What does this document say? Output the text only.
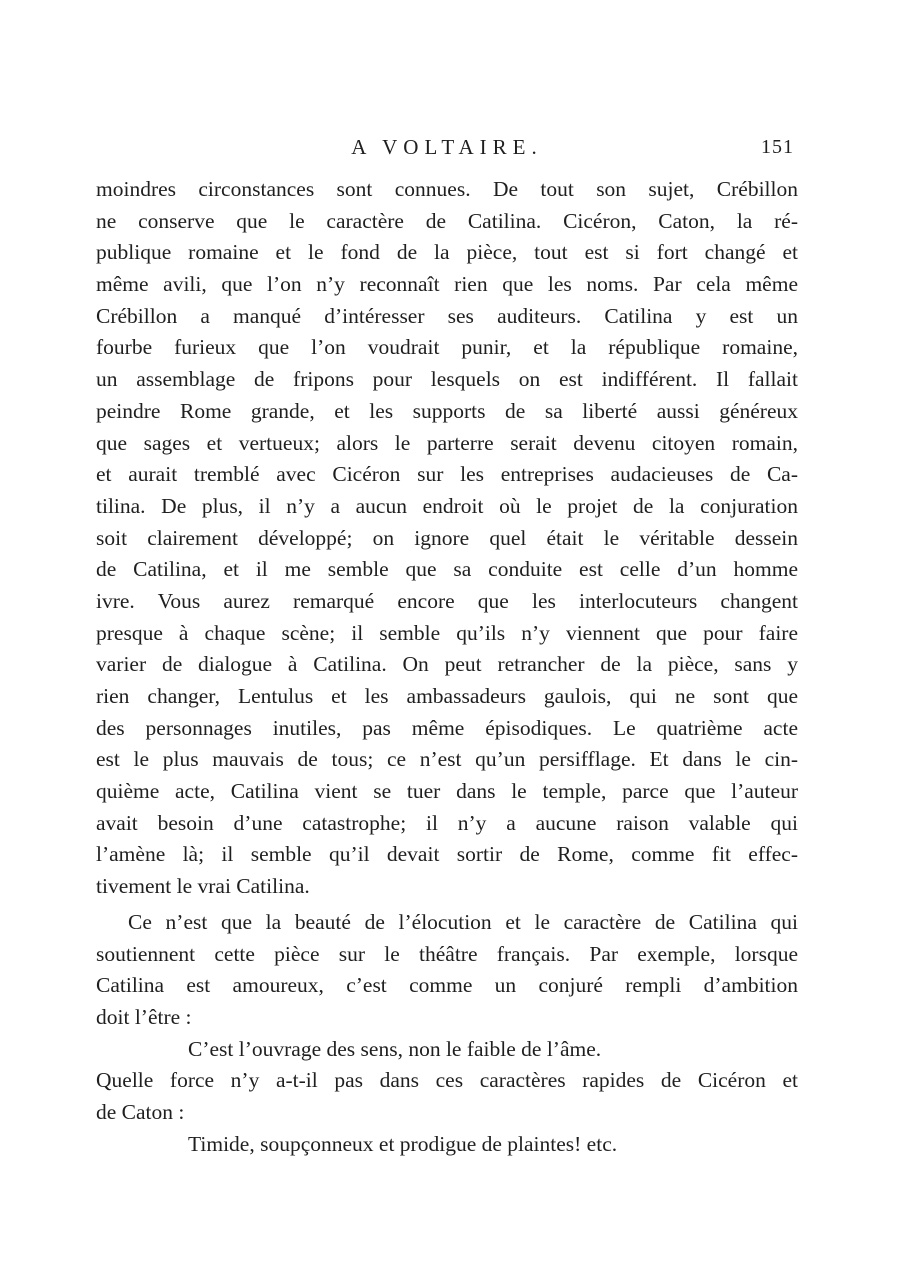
A VOLTAIRE.	151
moindres circonstances sont connues. De tout son sujet, Crébillon
ne conserve que le caractère de Catilina. Cicéron, Caton, la ré-
publique romaine et le fond de la pièce, tout est si fort changé et
même avili, que l’on n’y reconnaît rien que les noms. Par cela même
Crébillon a manqué d’intéresser ses auditeurs. Catilina y est un
fourbe furieux que l’on voudrait punir, et la république romaine,
un assemblage de fripons pour lesquels on est indifférent. Il fallait
peindre Rome grande, et les supports de sa liberté aussi généreux
que sages et vertueux; alors le parterre serait devenu citoyen romain,
et aurait tremblé avec Cicéron sur les entreprises audacieuses de Ca-
tilina. De plus, il n’y a aucun endroit où le projet de la conjuration
soit clairement développé; on ignore quel était le véritable dessein
de Catilina, et il me semble que sa conduite est celle d’un homme
ivre. Vous aurez remarqué encore que les interlocuteurs changent
presque à chaque scène; il semble qu’ils n’y viennent que pour faire
varier de dialogue à Catilina. On peut retrancher de la pièce, sans y
rien changer, Lentulus et les ambassadeurs gaulois, qui ne sont que
des personnages inutiles, pas même épisodiques. Le quatrième acte
est le plus mauvais de tous; ce n’est qu’un persifflage. Et dans le cin-
quième acte, Catilina vient se tuer dans le temple, parce que l’auteur
avait besoin d’une catastrophe; il n’y a aucune raison valable qui
l’amène là; il semble qu’il devait sortir de Rome, comme fit effec-
tivement le vrai Catilina.
Ce n’est que la beauté de l’élocution et le caractère de Catilina qui
soutiennent cette pièce sur le théâtre français. Par exemple, lorsque
Catilina est amoureux, c’est comme un conjuré rempli d’ambition
doit l’être :
C’est l’ouvrage des sens, non le faible de l’âme.
Quelle force n’y a-t-il pas dans ces caractères rapides de Cicéron et
de Caton :
Timide, soupçonneux et prodigue de plaintes! etc.
